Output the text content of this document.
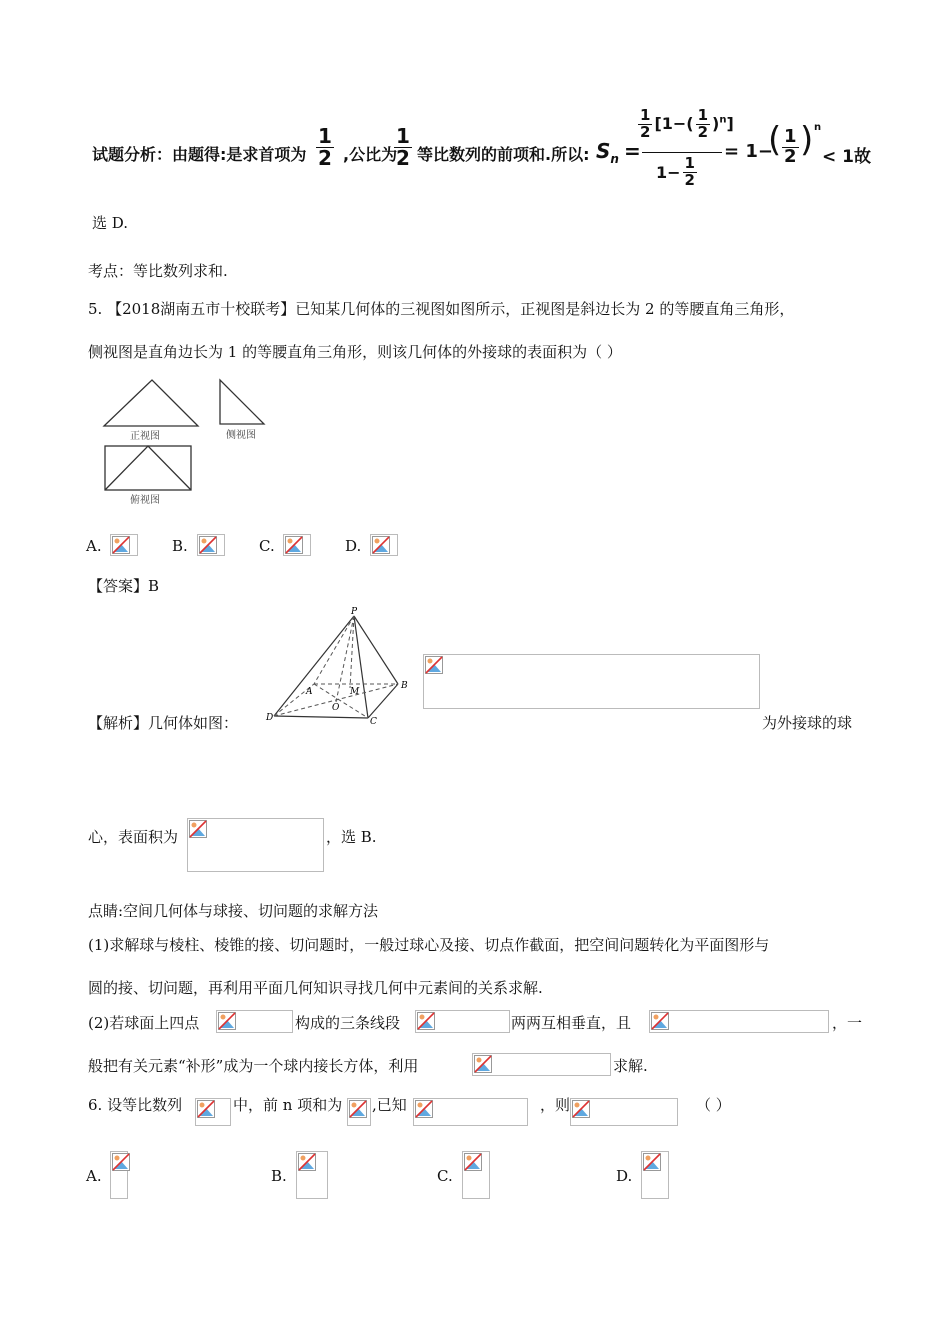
试题分析：由题得:是求首项为 $\frac{1}{2}$ ,公比为
$\frac{1}{2}$ 等比数列的前项和.所以: $S_n$ =
$\frac{1}{2} [1-( \frac{1}{2} )^n]$
$1- \frac{1}{2}$
= 1−
( $\frac{1}{2}$ ) n
< 1故
选 D.
考点：等比数列求和.
5. 【2018湖南五市十校联考】已知某几何体的三视图如图所示，正视图是斜边长为 2 的等腰直角三角形，
侧视图是直角边长为 1 的等腰直角三角形，则该几何体的外接球的表面积为（ ）
正视图	侧视图
俯视图
A.	B.	C.	D.
【答案】B
【解析】几何体如图：
P
A	M
B
D
O
C	为外接球的球
心，表面积为	，选 B.
点睛:空间几何体与球接、切问题的求解方法
(1)求解球与棱柱、棱锥的接、切问题时，一般过球心及接、切点作截面，把空间问题转化为平面图形与
圆的接、切问题，再利用平面几何知识寻找几何中元素间的关系求解.
(2)若球面上四点	构成的三条线段	两两互相垂直，且	，一
般把有关元素“补形”成为一个球内接长方体，利用	求解.
6. 设等比数列	中，前 n 项和为 ,已知	，则	（ ）
A.	B.	C.	D.
